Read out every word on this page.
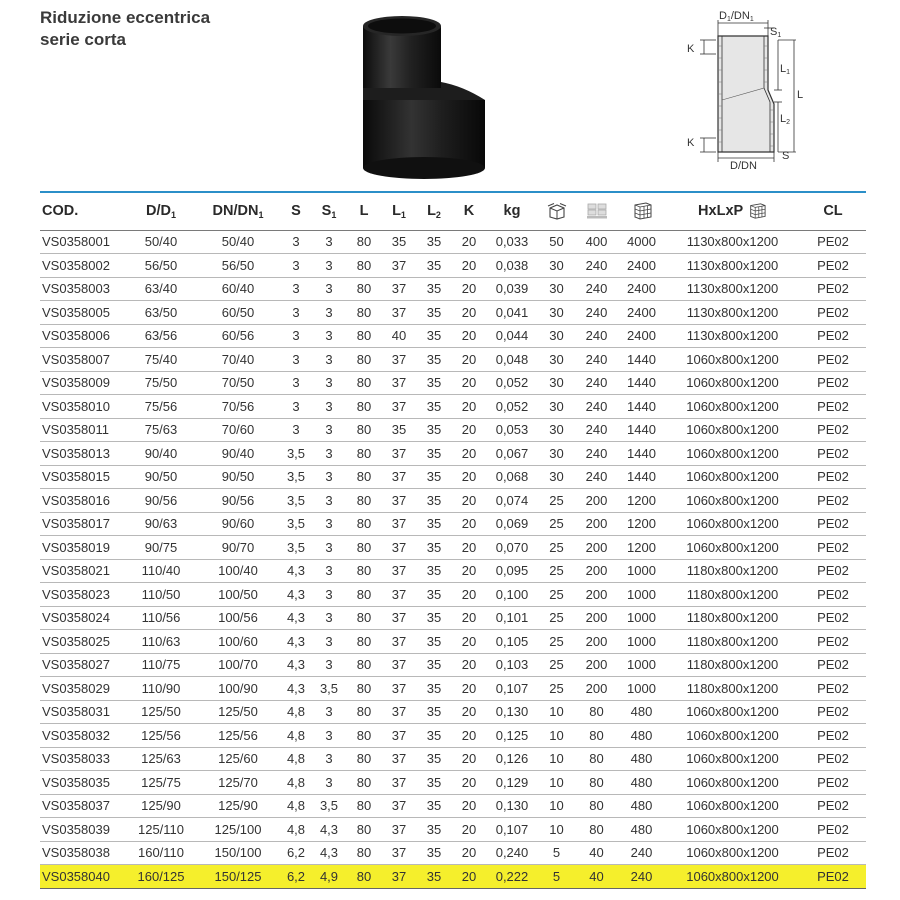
Riduzione eccentrica
serie corta
D1/DN1
S1
K
K
L
L1
L2
D/DN
S
COD.	$D/D_1$	$DN/DN_1$	S	$S_1$	L	$L_1$	$L_2$	K	kg				HxLxP	CL
VS0358001	50/40	50/40	3	3	80	35	35	20	0,033	50	400	4000	1130x800x1200	PE02
VS0358002	56/50	56/50	3	3	80	37	35	20	0,038	30	240	2400	1130x800x1200	PE02
VS0358003	63/40	60/40	3	3	80	37	35	20	0,039	30	240	2400	1130x800x1200	PE02
VS0358005	63/50	60/50	3	3	80	37	35	20	0,041	30	240	2400	1130x800x1200	PE02
VS0358006	63/56	60/56	3	3	80	40	35	20	0,044	30	240	2400	1130x800x1200	PE02
VS0358007	75/40	70/40	3	3	80	37	35	20	0,048	30	240	1440	1060x800x1200	PE02
VS0358009	75/50	70/50	3	3	80	37	35	20	0,052	30	240	1440	1060x800x1200	PE02
VS0358010	75/56	70/56	3	3	80	37	35	20	0,052	30	240	1440	1060x800x1200	PE02
VS0358011	75/63	70/60	3	3	80	35	35	20	0,053	30	240	1440	1060x800x1200	PE02
VS0358013	90/40	90/40	3,5	3	80	37	35	20	0,067	30	240	1440	1060x800x1200	PE02
VS0358015	90/50	90/50	3,5	3	80	37	35	20	0,068	30	240	1440	1060x800x1200	PE02
VS0358016	90/56	90/56	3,5	3	80	37	35	20	0,074	25	200	1200	1060x800x1200	PE02
VS0358017	90/63	90/60	3,5	3	80	37	35	20	0,069	25	200	1200	1060x800x1200	PE02
VS0358019	90/75	90/70	3,5	3	80	37	35	20	0,070	25	200	1200	1060x800x1200	PE02
VS0358021	110/40	100/40	4,3	3	80	37	35	20	0,095	25	200	1000	1180x800x1200	PE02
VS0358023	110/50	100/50	4,3	3	80	37	35	20	0,100	25	200	1000	1180x800x1200	PE02
VS0358024	110/56	100/56	4,3	3	80	37	35	20	0,101	25	200	1000	1180x800x1200	PE02
VS0358025	110/63	100/60	4,3	3	80	37	35	20	0,105	25	200	1000	1180x800x1200	PE02
VS0358027	110/75	100/70	4,3	3	80	37	35	20	0,103	25	200	1000	1180x800x1200	PE02
VS0358029	110/90	100/90	4,3	3,5	80	37	35	20	0,107	25	200	1000	1180x800x1200	PE02
VS0358031	125/50	125/50	4,8	3	80	37	35	20	0,130	10	80	480	1060x800x1200	PE02
VS0358032	125/56	125/56	4,8	3	80	37	35	20	0,125	10	80	480	1060x800x1200	PE02
VS0358033	125/63	125/60	4,8	3	80	37	35	20	0,126	10	80	480	1060x800x1200	PE02
VS0358035	125/75	125/70	4,8	3	80	37	35	20	0,129	10	80	480	1060x800x1200	PE02
VS0358037	125/90	125/90	4,8	3,5	80	37	35	20	0,130	10	80	480	1060x800x1200	PE02
VS0358039	125/110	125/100	4,8	4,3	80	37	35	20	0,107	10	80	480	1060x800x1200	PE02
VS0358038	160/110	150/100	6,2	4,3	80	37	35	20	0,240	5	40	240	1060x800x1200	PE02
VS0358040	160/125	150/125	6,2	4,9	80	37	35	20	0,222	5	40	240	1060x800x1200	PE02
